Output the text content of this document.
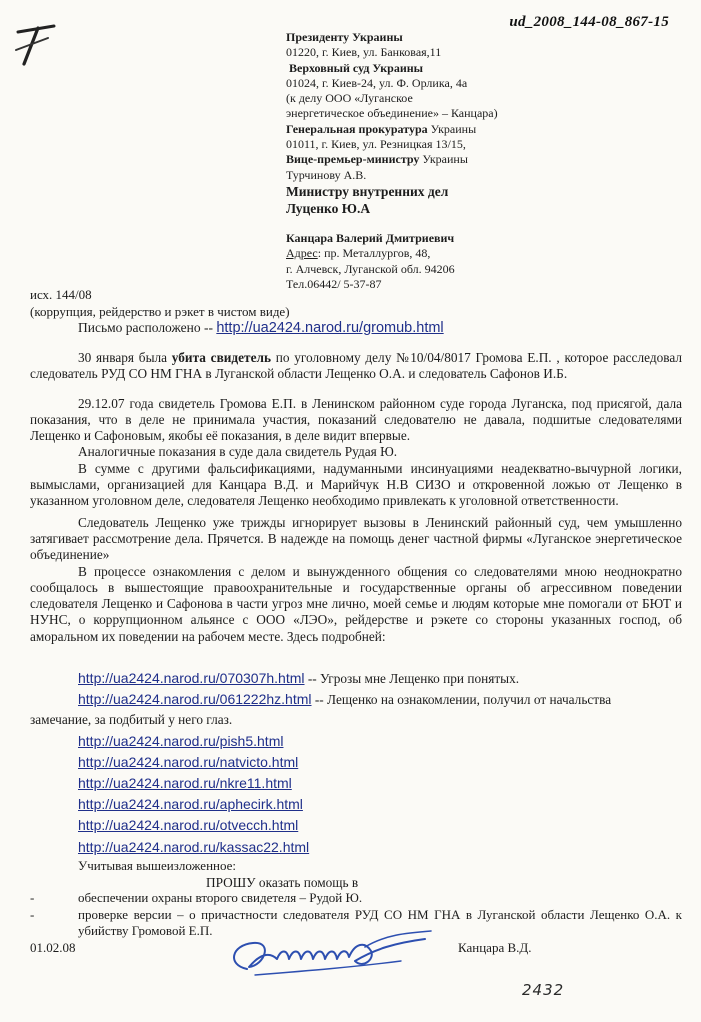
ud_2008_144-08_867-15
Президенту Украины
01220, г. Киев, ул. Банковая,11
Верховный суд Украины
01024, г. Киев-24, ул. Ф. Орлика, 4а
(к делу ООО «Луганское
энергетическое объединение» – Канцара)
Генеральная прокуратура Украины
01011, г. Киев, ул. Резницкая 13/15,
Вице-премьер-министру Украины
Турчинову А.В.
Министру внутренних дел
Луценко Ю.А
Канцара Валерий Дмитриевич
Адрес: пр. Металлургов, 48,
г. Алчевск, Луганской обл. 94206
Тел.06442/ 5-37-87
исх. 144/08
(коррупция, рейдерство и рэкет в чистом виде)
Письмо расположено -- http://ua2424.narod.ru/gromub.html

30 января была убита свидетель по уголовному делу №10/04/8017 Громова Е.П. , которое расследовал следователь РУД СО НМ ГНА в Луганской области Лещенко О.А. и следователь Сафонов И.Б.

29.12.07 года свидетель Громова Е.П. в Ленинском районном суде города Луганска, под присягой, дала показания, что в деле не принимала участия, показаний следователю не давала, подшитые следователями Лещенко и Сафоновым, якобы её показания, в деле видит впервые.

Аналогичные показания в суде дала свидетель Рудая Ю.

В сумме с другими фальсификациями, надуманными инсинуациями неадекватно-вычурной логики, вымыслами, организацией для Канцара В.Д. и Марийчук Н.В СИЗО и откровенной ложью от Лещенко в указанном уголовном деле, следователя Лещенко необходимо привлекать к уголовной ответственности.

Следователь Лещенко уже трижды игнорирует вызовы в Ленинский районный суд, чем умышленно затягивает рассмотрение дела. Прячется. В надежде на помощь денег частной фирмы «Луганское энергетическое объединение»

В процессе ознакомления с делом и вынужденного общения со следователями мною неоднократно сообщалось в вышестоящие правоохранительные и государственные органы об агрессивном поведении следователя Лещенко и Сафонова в части угроз мне лично, моей семье и людям которые мне помогали от БЮТ и НУНС, о коррупционном альянсе с ООО «ЛЭО», рейдерстве и рэкете со стороны указанных господ, об аморальном их поведении на рабочем месте. Здесь подробней:

http://ua2424.narod.ru/070307h.html -- Угрозы мне Лещенко при понятых.
http://ua2424.narod.ru/061222hz.html -- Лещенко на ознакомлении, получил от начальства
замечание, за подбитый у него глаз.
http://ua2424.narod.ru/pish5.html
http://ua2424.narod.ru/natvicto.html
http://ua2424.narod.ru/nkre11.html
http://ua2424.narod.ru/aphecirk.html
http://ua2424.narod.ru/otvecch.html
http://ua2424.narod.ru/kassac22.html
Учитывая вышеизложенное:
ПРОШУ оказать помощь в
-	обеспечении охраны второго свидетеля – Рудой Ю.
-	проверке версии – о причастности следователя РУД СО НМ ГНА в Луганской области Лещенко О.А. к убийству Громовой Е.П.
01.02.08	Канцара В.Д.
2432
